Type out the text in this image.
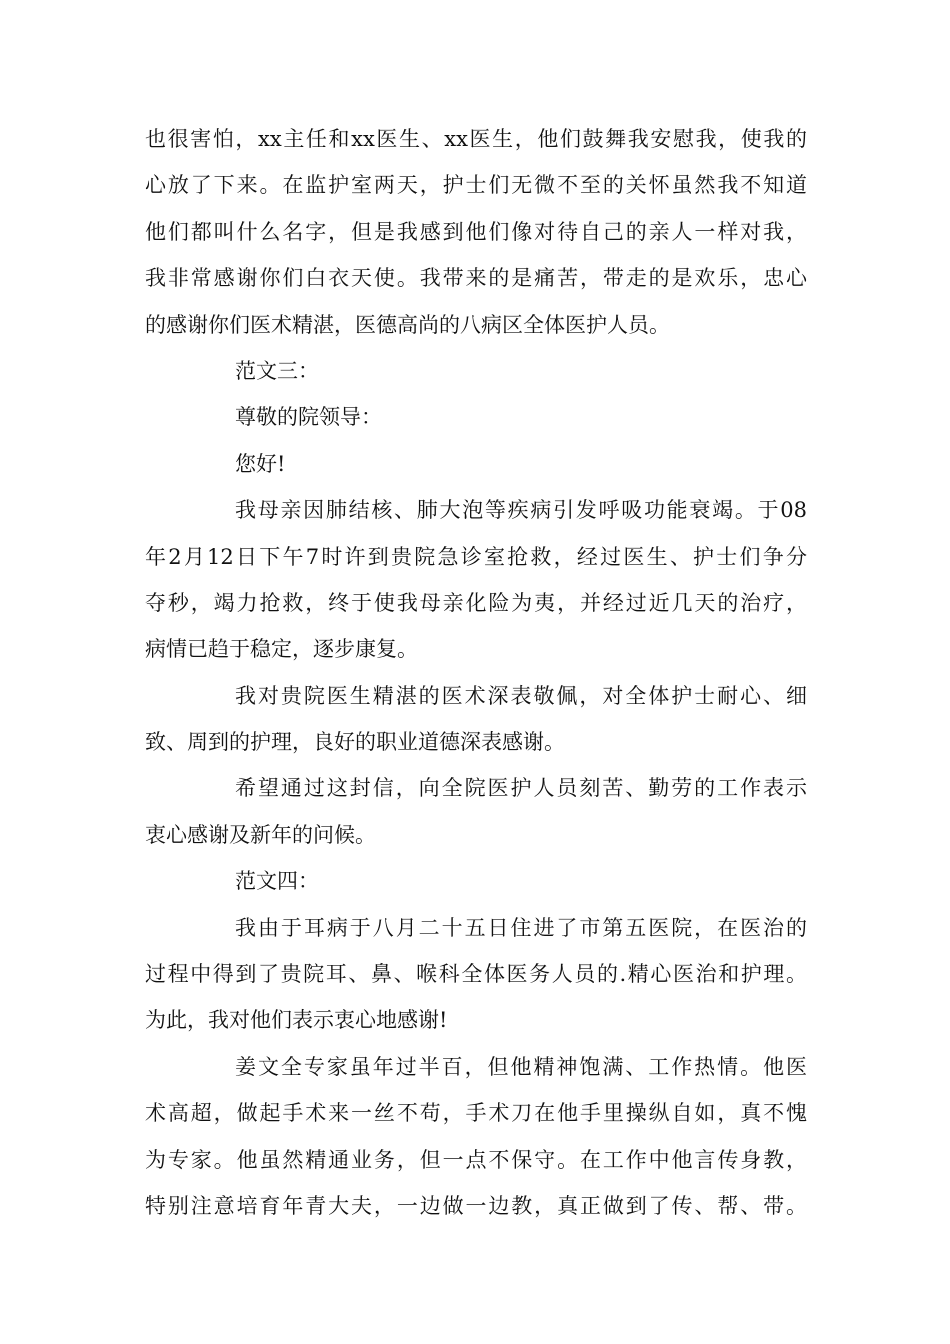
也很害怕，xx主任和xx医生、xx医生，他们鼓舞我安慰我，使我的
心放了下来。在监护室两天，护士们无微不至的关怀虽然我不知道
他们都叫什么名字，但是我感到他们像对待自己的亲人一样对我，
我非常感谢你们白衣天使。我带来的是痛苦，带走的是欢乐，忠心
的感谢你们医术精湛，医德高尚的八病区全体医护人员。
范文三：
尊敬的院领导：
您好!
我母亲因肺结核、肺大泡等疾病引发呼吸功能衰竭。于08
年2月12日下午7时许到贵院急诊室抢救，经过医生、护士们争分
夺秒，竭力抢救，终于使我母亲化险为夷，并经过近几天的治疗，
病情已趋于稳定，逐步康复。
我对贵院医生精湛的医术深表敬佩，对全体护士耐心、细
致、周到的护理，良好的职业道德深表感谢。
希望通过这封信，向全院医护人员刻苦、勤劳的工作表示
衷心感谢及新年的问候。
范文四：
我由于耳病于八月二十五日住进了市第五医院，在医治的
过程中得到了贵院耳、鼻、喉科全体医务人员的.精心医治和护理。
为此，我对他们表示衷心地感谢!
姜文全专家虽年过半百，但他精神饱满、工作热情。他医
术高超，做起手术来一丝不苟，手术刀在他手里操纵自如，真不愧
为专家。他虽然精通业务，但一点不保守。在工作中他言传身教，
特别注意培育年青大夫，一边做一边教，真正做到了传、帮、带。
